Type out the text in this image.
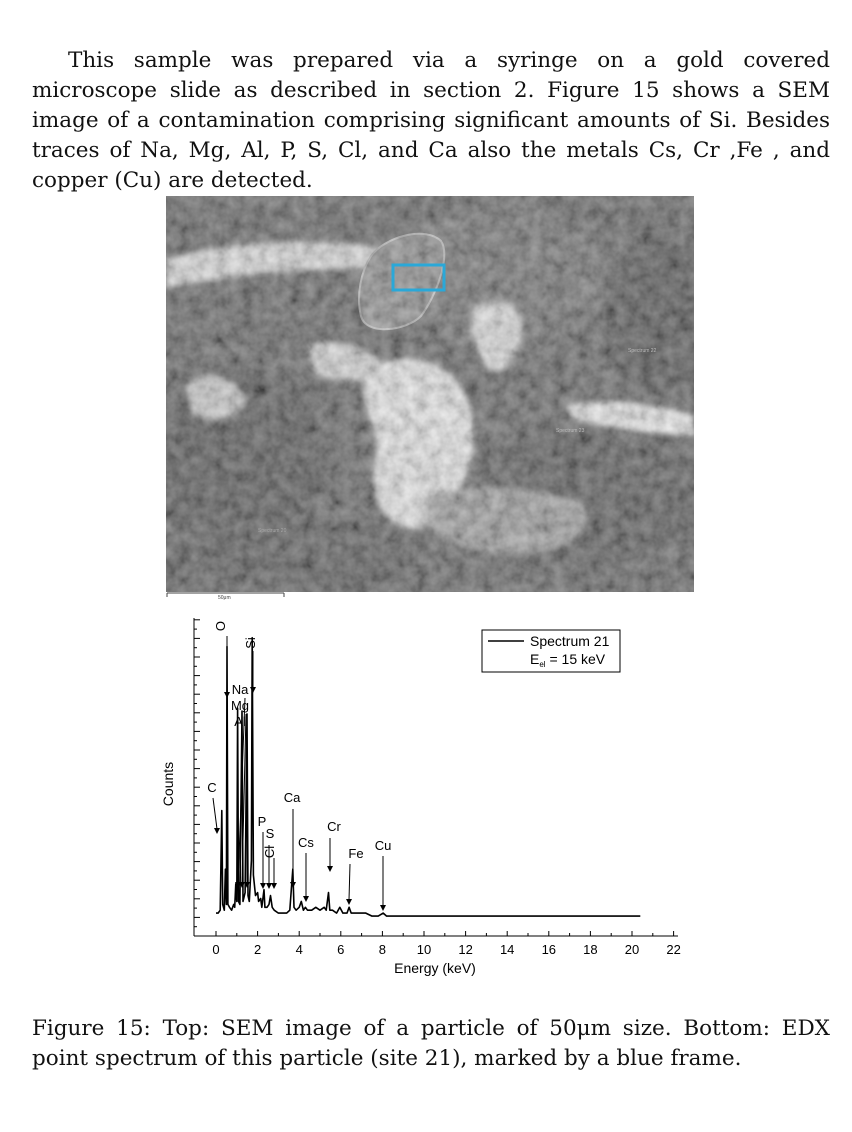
This sample was prepared via a syringe on a gold covered microscope slide as described in section 2. Figure 15 shows a SEM image of a contamination comprising significant amounts of Si. Besides traces of Na, Mg, Al, P, S, Cl, and Ca also the metals Cs, Cr ,Fe , and copper (Cu) are detected.

Spectrum 22
Spectrum 23
Spectrum 20
50μm
0	2	4	6	8 10 12 14 16 18 20 22
Counts
Energy (keV)
O
Si
Na
Mg
Al
C
Ca
P
S
Cl
Cs
Cr
Fe
Cu
Spectrum 21
$E_{el} = 15$ keV

Figure 15: Top: SEM image of a particle of 50μm size. Bottom: EDX point spectrum of this particle (site 21), marked by a blue frame.
